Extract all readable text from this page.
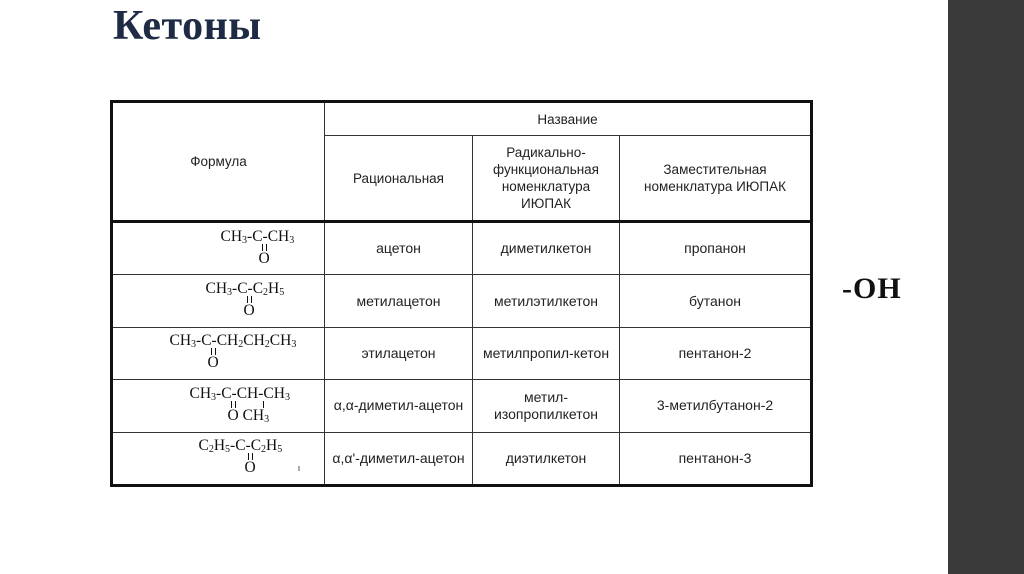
Кетоны
-OH
Формула	Название		
	Рациональная	Радикально-функциональная номенклатура ИЮПАК	Заместительная номенклатура ИЮПАК

$CH_3-C-CH_3$
O	ацетон	диметилкетон	пропанон

$CH_3-C-C_2H_5$
O	метилацетон	метилэтилкетон	бутанон

$CH_3-C-CH_2CH_2CH_3$
O	этилацетон	метилпропил-кетон	пентанон-2

$CH_3-C-CH-CH_3$
O $CH_3$	α,α-диметил-ацетон	метил-изопропилкетон	3-метилбутанон-2

$C_2H_5-C-C_2H_5$
O	α,α'-диметил-ацетон	диэтилкетон	пентанон-3
